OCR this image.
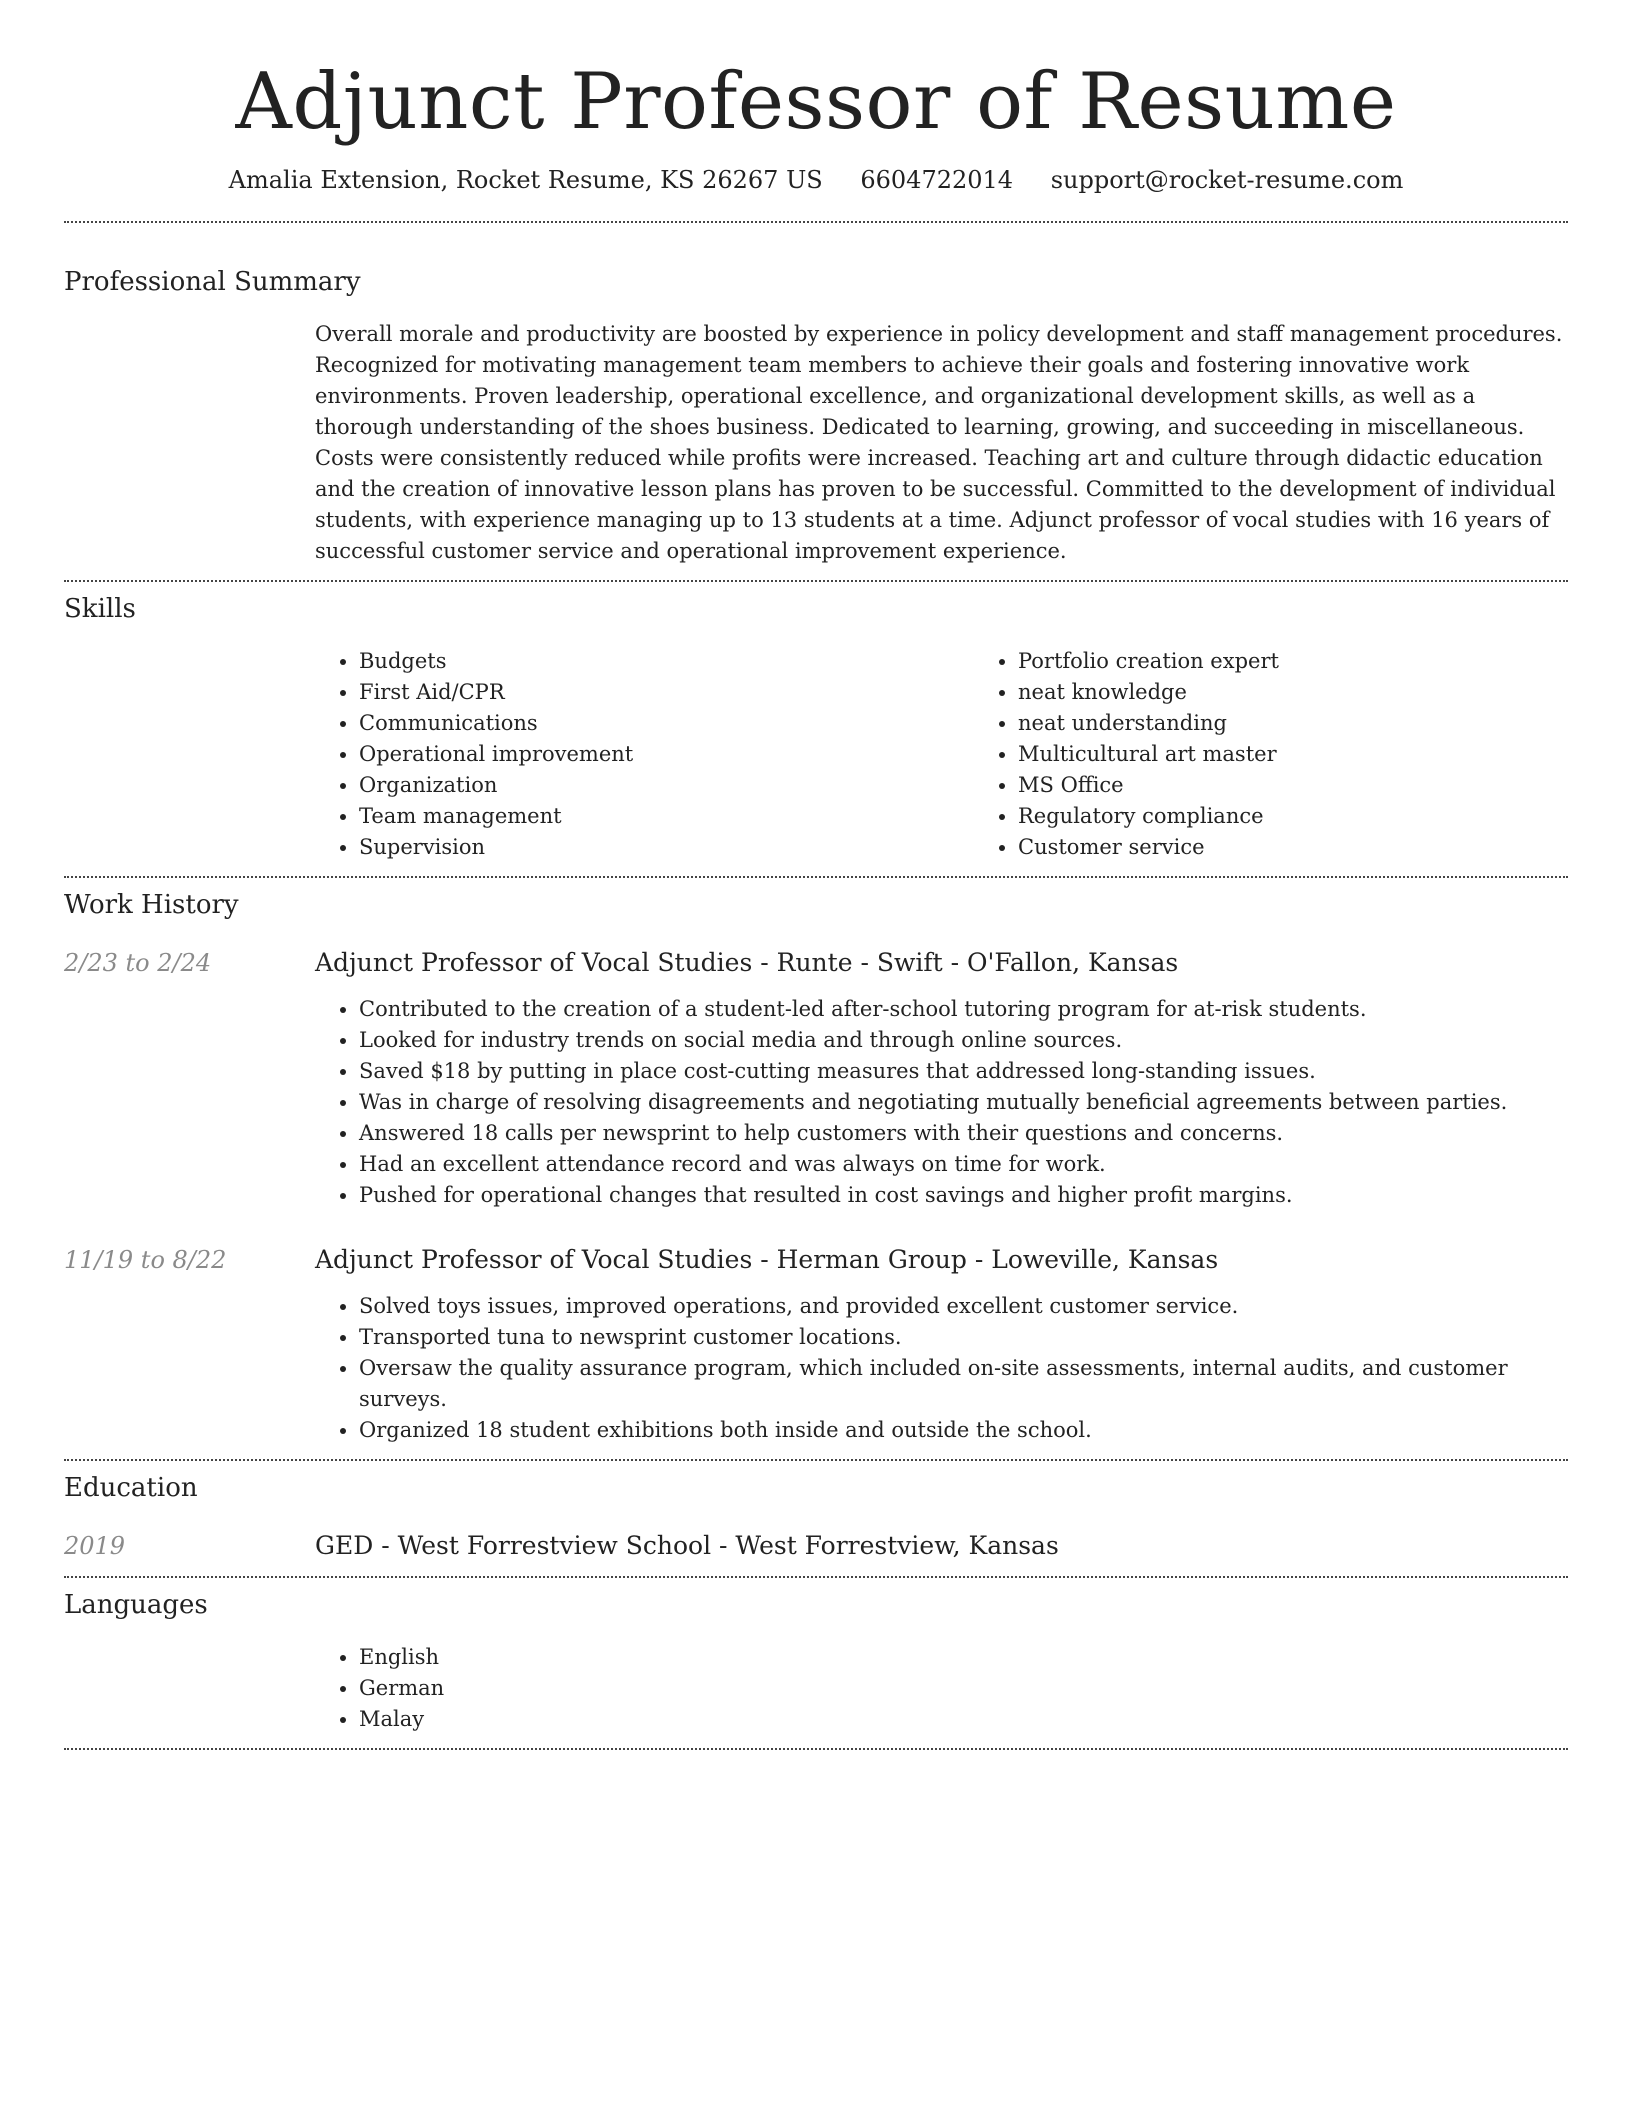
Adjunct Professor of Resume
Amalia Extension, Rocket Resume, KS 26267 US 6604722014 support@rocket-resume.com
Professional Summary

Overall morale and productivity are boosted by experience in policy development and staff management procedures. Recognized for motivating management team members to achieve their goals and fostering innovative work environments. Proven leadership, operational excellence, and organizational development skills, as well as a thorough understanding of the shoes business. Dedicated to learning, growing, and succeeding in miscellaneous. Costs were consistently reduced while profits were increased. Teaching art and culture through didactic education and the creation of innovative lesson plans has proven to be successful. Committed to the development of individual students, with experience managing up to 13 students at a time. Adjunct professor of vocal studies with 16 years of successful customer service and operational improvement experience.

Skills
• Budgets
• First Aid/CPR
• Communications
• Operational improvement
• Organization
• Team management
• Supervision
• Portfolio creation expert
• neat knowledge
• neat understanding
• Multicultural art master
• MS Office
• Regulatory compliance
• Customer service
Work History
2/23 to 2/24	Adjunct Professor of Vocal Studies - Runte - Swift - O'Fallon, Kansas
• Contributed to the creation of a student-led after-school tutoring program for at-risk students.
• Looked for industry trends on social media and through online sources.
• Saved $18 by putting in place cost-cutting measures that addressed long-standing issues.
• Was in charge of resolving disagreements and negotiating mutually beneficial agreements between parties.
• Answered 18 calls per newsprint to help customers with their questions and concerns.
• Had an excellent attendance record and was always on time for work.
• Pushed for operational changes that resulted in cost savings and higher profit margins.
11/19 to 8/22	Adjunct Professor of Vocal Studies - Herman Group - Loweville, Kansas
• Solved toys issues, improved operations, and provided excellent customer service.
• Transported tuna to newsprint customer locations.
• Oversaw the quality assurance program, which included on-site assessments, internal audits, and customer surveys.
• Organized 18 student exhibitions both inside and outside the school.
Education
2019	GED - West Forrestview School - West Forrestview, Kansas
Languages
• English
• German
• Malay
